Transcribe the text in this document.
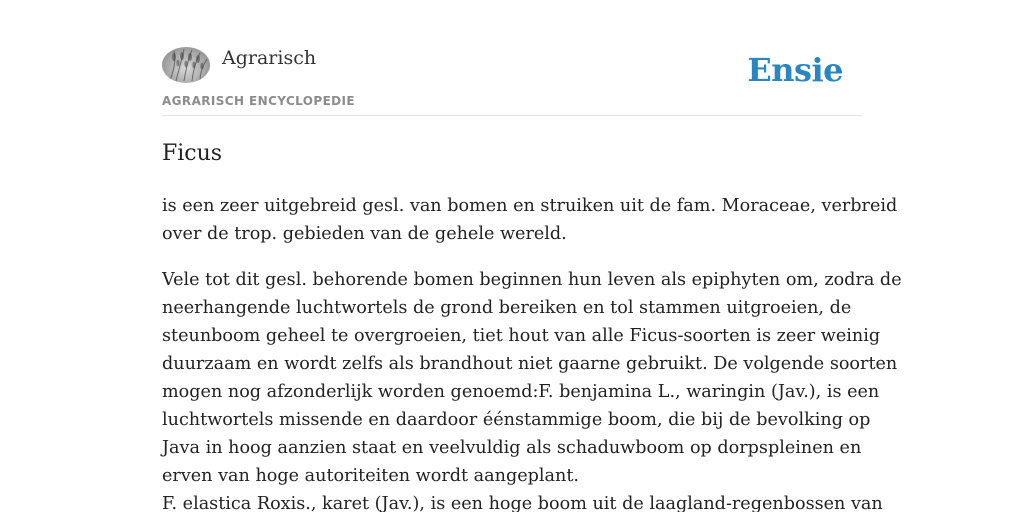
Agrarisch
AGRARISCH ENCYCLOPEDIE
Ensie
Ficus

is een zeer uitgebreid gesl. van bomen en struiken uit de fam. Moraceae, verbreid
over de trop. gebieden van de gehele wereld.

Vele tot dit gesl. behorende bomen beginnen hun leven als epiphyten om, zodra de
neerhangende luchtwortels de grond bereiken en tol stammen uitgroeien, de
steunboom geheel te overgroeien, tiet hout van alle Ficus-soorten is zeer weinig
duurzaam en wordt zelfs als brandhout niet gaarne gebruikt. De volgende soorten
mogen nog afzonderlijk worden genoemd:F. benjamina L., waringin (Jav.), is een
luchtwortels missende en daardoor éénstammige boom, die bij de bevolking op
Java in hoog aanzien staat en veelvuldig als schaduwboom op dorpspleinen en
erven van hoge autoriteiten wordt aangeplant.
F. elastica Roxis., karet (Jav.), is een hoge boom uit de laagland-regenbossen van
